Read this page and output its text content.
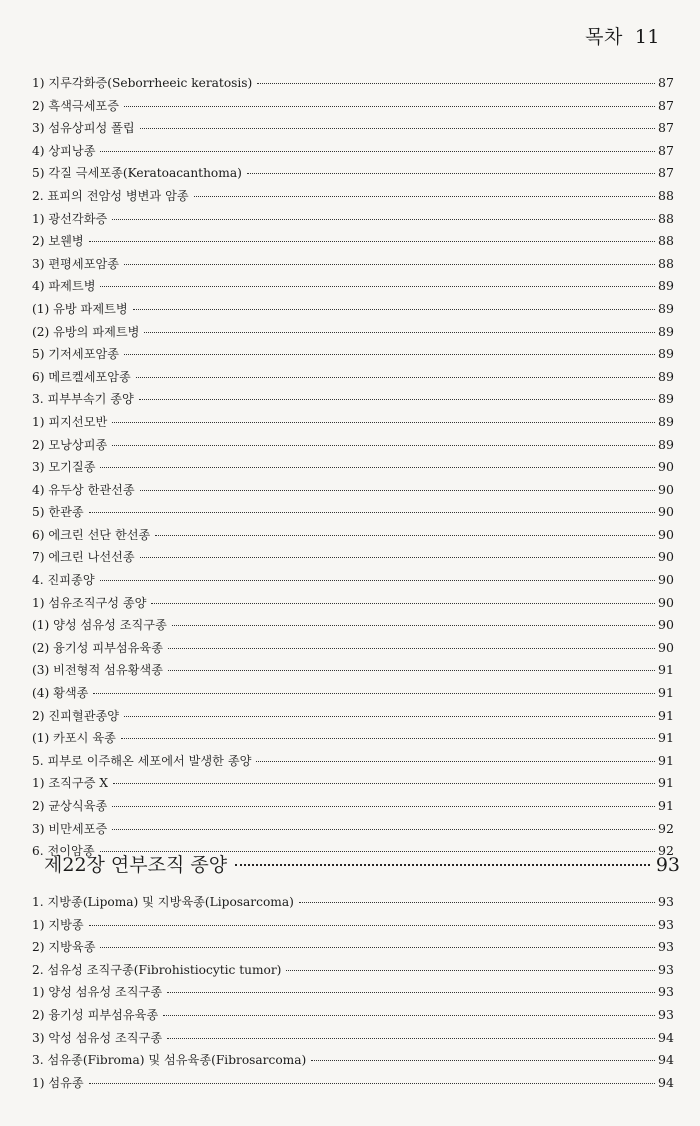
목차 11
1) 지루각화증(Seborrheeic keratosis)	87
2) 흑색극세포증	87
3) 섬유상피성 폴립	87
4) 상피낭종	87
5) 각질 극세포종(Keratoacanthoma)	87
2. 표피의 전암성 병변과 암종	88
1) 광선각화증	88
2) 보웬병	88
3) 편평세포암종	88
4) 파제트병	89
(1) 유방 파제트병	89
(2) 유방의 파제트병	89
5) 기저세포암종	89
6) 메르켈세포암종	89
3. 피부부속기 종양	89
1) 피지선모반	89
2) 모낭상피종	89
3) 모기질종	90
4) 유두상 한관선종	90
5) 한관종	90
6) 에크린 선단 한선종	90
7) 에크린 나선선종	90
4. 진피종양	90
1) 섬유조직구성 종양	90
(1) 양성 섬유성 조직구종	90
(2) 융기성 피부섬유육종	90
(3) 비전형적 섬유황색종	91
(4) 황색종	91
2) 진피혈관종양	91
(1) 카포시 육종	91
5. 피부로 이주해온 세포에서 발생한 종양	91
1) 조직구증 X	91
2) 균상식육종	91
3) 비만세포증	92
6. 전이암종	92
제22장 연부조직 종양	93
1. 지방종(Lipoma) 및 지방육종(Liposarcoma)	93
1) 지방종	93
2) 지방육종	93
2. 섬유성 조직구종(Fibrohistiocytic tumor)	93
1) 양성 섬유성 조직구종	93
2) 융기성 피부섬유육종	93
3) 악성 섬유성 조직구종	94
3. 섬유종(Fibroma) 및 섬유육종(Fibrosarcoma)	94
1) 섬유종	94
